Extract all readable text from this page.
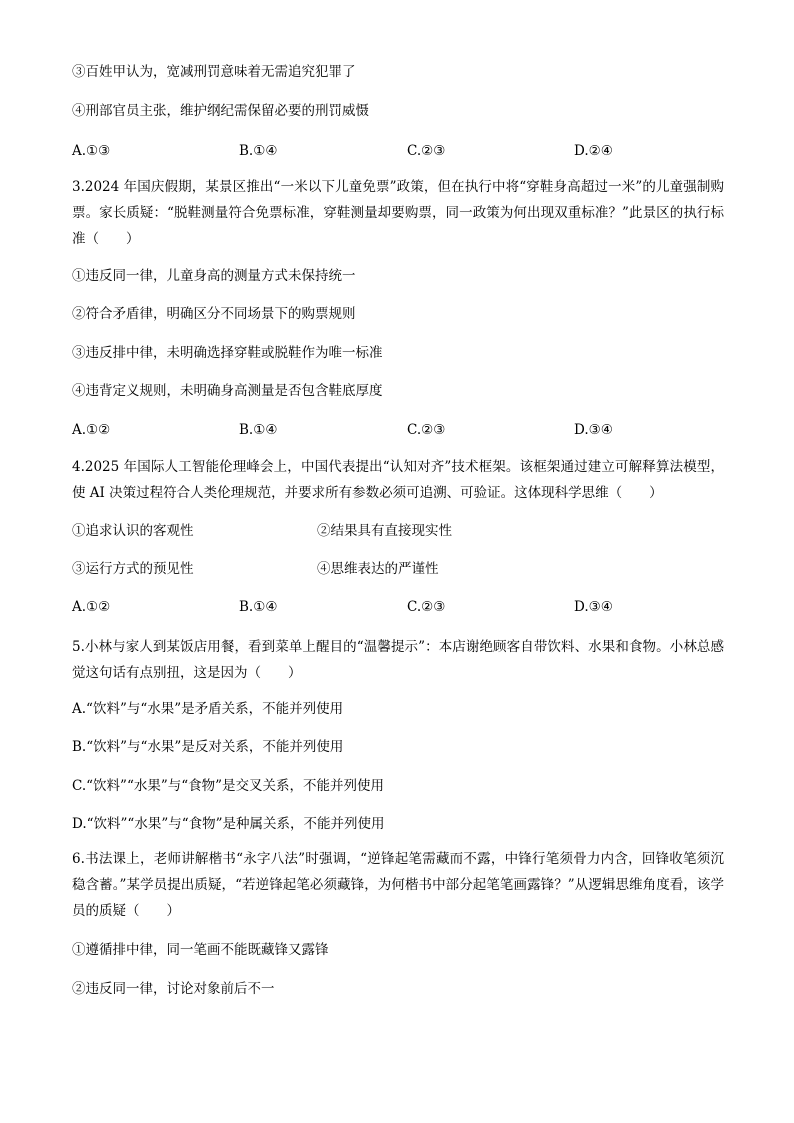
③百姓甲认为，宽减刑罚意味着无需追究犯罪了
④刑部官员主张，维护纲纪需保留必要的刑罚威慑
A.①③	B.①④	C.②③	D.②④
3.2024 年国庆假期，某景区推出“一米以下儿童免票”政策，但在执行中将“穿鞋身高超过一米”的儿童强制购票。家长质疑：“脱鞋测量符合免票标准，穿鞋测量却要购票，同一政策为何出现双重标准？”此景区的执行标准（　　）
①违反同一律，儿童身高的测量方式未保持统一
②符合矛盾律，明确区分不同场景下的购票规则
③违反排中律，未明确选择穿鞋或脱鞋作为唯一标准
④违背定义规则，未明确身高测量是否包含鞋底厚度
A.①②	B.①④	C.②③	D.③④
4.2025 年国际人工智能伦理峰会上，中国代表提出“认知对齐”技术框架。该框架通过建立可解释算法模型，使 AI 决策过程符合人类伦理规范，并要求所有参数必须可追溯、可验证。这体现科学思维（　　）
①追求认识的客观性	②结果具有直接现实性
③运行方式的预见性	④思维表达的严谨性
A.①②	B.①④	C.②③	D.③④
5.小林与家人到某饭店用餐，看到菜单上醒目的“温馨提示”：本店谢绝顾客自带饮料、水果和食物。小林总感觉这句话有点别扭，这是因为（　　）
A.“饮料”与“水果”是矛盾关系，不能并列使用
B.“饮料”与“水果”是反对关系，不能并列使用
C.“饮料”“水果”与“食物”是交叉关系，不能并列使用
D.“饮料”“水果”与“食物”是种属关系，不能并列使用
6.书法课上，老师讲解楷书“永字八法”时强调，“逆锋起笔需藏而不露，中锋行笔须骨力内含，回锋收笔须沉稳含蓄。”某学员提出质疑，“若逆锋起笔必须藏锋，为何楷书中部分起笔笔画露锋？”从逻辑思维角度看，该学员的质疑（　　）
①遵循排中律，同一笔画不能既藏锋又露锋
②违反同一律，讨论对象前后不一
